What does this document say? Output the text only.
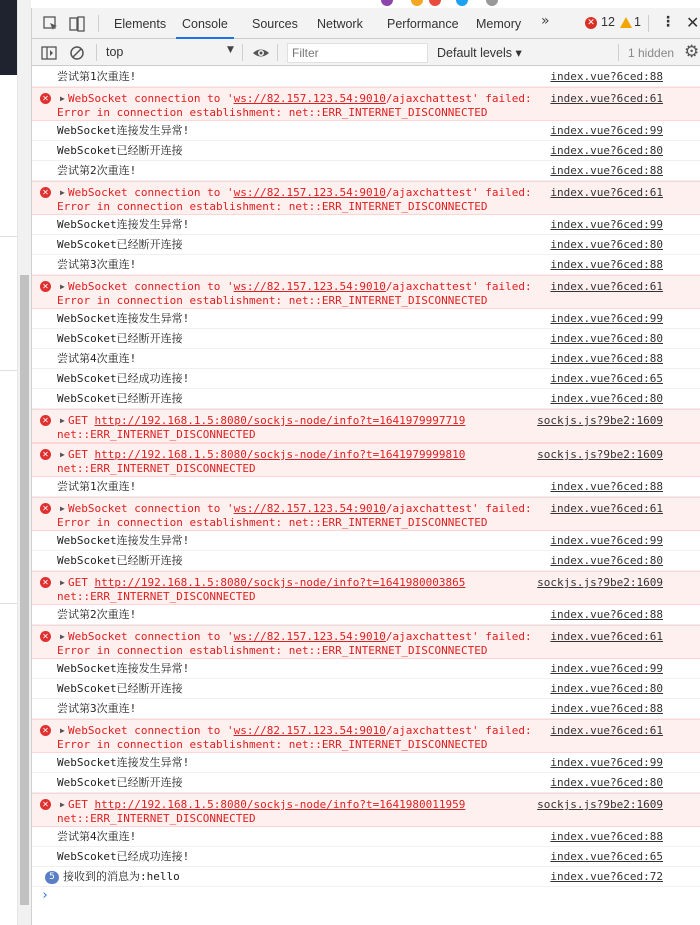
Elements	Console	Sources Network Performance Memory »	✕ 12 1 ⋮ ✕
top	▼
Filter	Default levels ▾	1 hidden ⚙
尝试第1次重连!	index.vue?6ced:88
✕ ▶ WebSocket connection to 'ws://82.157.123.54:9010/ajaxchattest' failed:
Error in connection establishment: net::ERR_INTERNET_DISCONNECTED
index.vue?6ced:61
WebSocket连接发生异常!	index.vue?6ced:99
WebScoket已经断开连接	index.vue?6ced:80
尝试第2次重连!	index.vue?6ced:88
✕ ▶ WebSocket connection to 'ws://82.157.123.54:9010/ajaxchattest' failed:
Error in connection establishment: net::ERR_INTERNET_DISCONNECTED
index.vue?6ced:61
WebSocket连接发生异常!	index.vue?6ced:99
WebScoket已经断开连接	index.vue?6ced:80
尝试第3次重连!	index.vue?6ced:88
✕ ▶ WebSocket connection to 'ws://82.157.123.54:9010/ajaxchattest' failed:
Error in connection establishment: net::ERR_INTERNET_DISCONNECTED
index.vue?6ced:61
WebSocket连接发生异常!	index.vue?6ced:99
WebScoket已经断开连接	index.vue?6ced:80
尝试第4次重连!	index.vue?6ced:88
WebScoket已经成功连接!	index.vue?6ced:65
WebScoket已经断开连接	index.vue?6ced:80
✕ ▶ GET http://192.168.1.5:8080/sockjs-node/info?t=1641979997719
net::ERR_INTERNET_DISCONNECTED
sockjs.js?9be2:1609
✕ ▶ GET http://192.168.1.5:8080/sockjs-node/info?t=1641979999810
net::ERR_INTERNET_DISCONNECTED
sockjs.js?9be2:1609
尝试第1次重连!	index.vue?6ced:88
✕ ▶ WebSocket connection to 'ws://82.157.123.54:9010/ajaxchattest' failed:
Error in connection establishment: net::ERR_INTERNET_DISCONNECTED
index.vue?6ced:61
WebSocket连接发生异常!	index.vue?6ced:99
WebScoket已经断开连接	index.vue?6ced:80
✕ ▶ GET http://192.168.1.5:8080/sockjs-node/info?t=1641980003865
net::ERR_INTERNET_DISCONNECTED
sockjs.js?9be2:1609
尝试第2次重连!	index.vue?6ced:88
✕ ▶ WebSocket connection to 'ws://82.157.123.54:9010/ajaxchattest' failed:
Error in connection establishment: net::ERR_INTERNET_DISCONNECTED
index.vue?6ced:61
WebSocket连接发生异常!	index.vue?6ced:99
WebScoket已经断开连接	index.vue?6ced:80
尝试第3次重连!	index.vue?6ced:88
✕ ▶ WebSocket connection to 'ws://82.157.123.54:9010/ajaxchattest' failed:
Error in connection establishment: net::ERR_INTERNET_DISCONNECTED
index.vue?6ced:61
WebSocket连接发生异常!	index.vue?6ced:99
WebScoket已经断开连接	index.vue?6ced:80
✕ ▶ GET http://192.168.1.5:8080/sockjs-node/info?t=1641980011959
net::ERR_INTERNET_DISCONNECTED
sockjs.js?9be2:1609
尝试第4次重连!	index.vue?6ced:88
WebScoket已经成功连接!	index.vue?6ced:65
5 接收到的消息为:hello	index.vue?6ced:72
›
